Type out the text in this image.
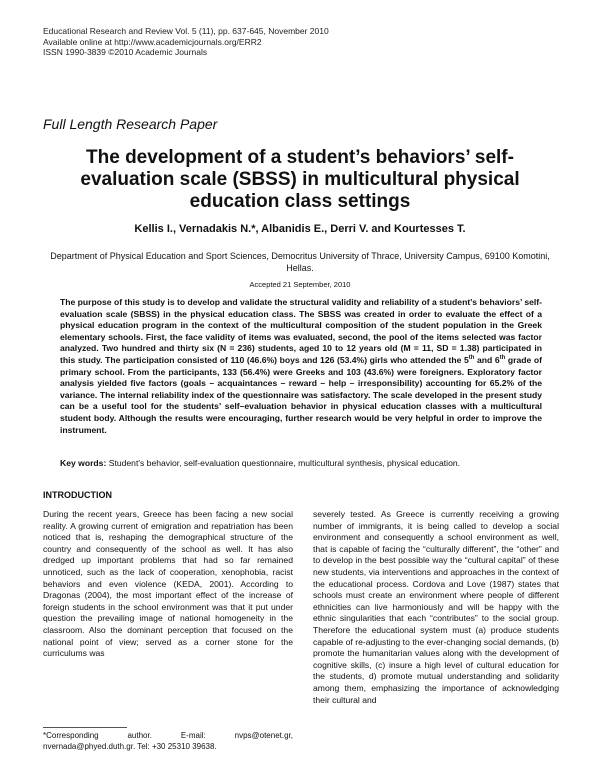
Educational Research and Review Vol. 5 (11), pp. 637-645, November 2010
Available online at http://www.academicjournals.org/ERR2
ISSN 1990-3839 ©2010 Academic Journals
Full Length Research Paper
The development of a student’s behaviors’ self-evaluation scale (SBSS) in multicultural physical education class settings
Kellis I., Vernadakis N.*, Albanidis E., Derri V. and Kourtesses T.
Department of Physical Education and Sport Sciences, Democritus University of Thrace, University Campus, 69100 Komotini, Hellas.
Accepted 21 September, 2010
The purpose of this study is to develop and validate the structural validity and reliability of a student’s behaviors’ self-evaluation scale (SBSS) in the physical education class. The SBSS was created in order to evaluate the effect of a physical education program in the context of the multicultural composition of the student population in the Greek elementary schools. First, the face validity of items was evaluated, second, the pool of the items selected was factor analyzed. Two hundred and thirty six (N = 236) students, aged 10 to 12 years old (M = 11, SD = 1.38) participated in this study. The participation consisted of 110 (46.6%) boys and 126 (53.4%) girls who attended the 5th and 6th grade of primary school. From the participants, 133 (56.4%) were Greeks and 103 (43.6%) were foreigners. Exploratory factor analysis yielded five factors (goals – acquaintances – reward – help – irresponsibility) accounting for 65.2% of the variance. The internal reliability index of the questionnaire was satisfactory. The scale developed in the present study can be a useful tool for the students’ self–evaluation behavior in physical education classes with a multicultural student body. Although the results were encouraging, further research would be very helpful in order to improve the instrument.
Key words: Student's behavior, self-evaluation questionnaire, multicultural synthesis, physical education.
INTRODUCTION
During the recent years, Greece has been facing a new social reality. A growing current of emigration and repatriation has been noticed that is, reshaping the demographical structure of the country and consequently of the school as well. It has also dredged up important problems that had so far remained unnoticed, such as the lack of cooperation, xenophobia, racist behaviors and even violence (KEDA, 2001). According to Dragonas (2004), the most important effect of the increase of foreign students in the school environment was that it put under question the prevailing image of national homogeneity in the classroom. Also the dominant perception that focused on the national point of view; served as a corner stone for the curriculums was
severely tested. As Greece is currently receiving a growing number of immigrants, it is being called to develop a social environment and consequently a school environment as well, that is capable of facing the “culturally different”, the “other” and to develop in the best possible way the “cultural capital” of these new students, via interventions and approaches in the context of the educational process. Cordova and Love (1987) states that schools must create an environment where people of different ethnicities can live harmoniously and will be happy with the ethnic singularities that each “contributes” to the social group. Therefore the educational system must (a) produce students capable of re-adjusting to the ever-changing social demands, (b) promote the humanitarian values along with the development of cognitive skills, (c) insure a high level of cultural education for the students, d) promote mutual understanding and solidarity among them, emphasizing the importance of acknowledging their cultural and
*Corresponding author. E-mail: nvps@otenet.gr, nvernada@phyed.duth.gr. Tel: +30 25310 39638.
